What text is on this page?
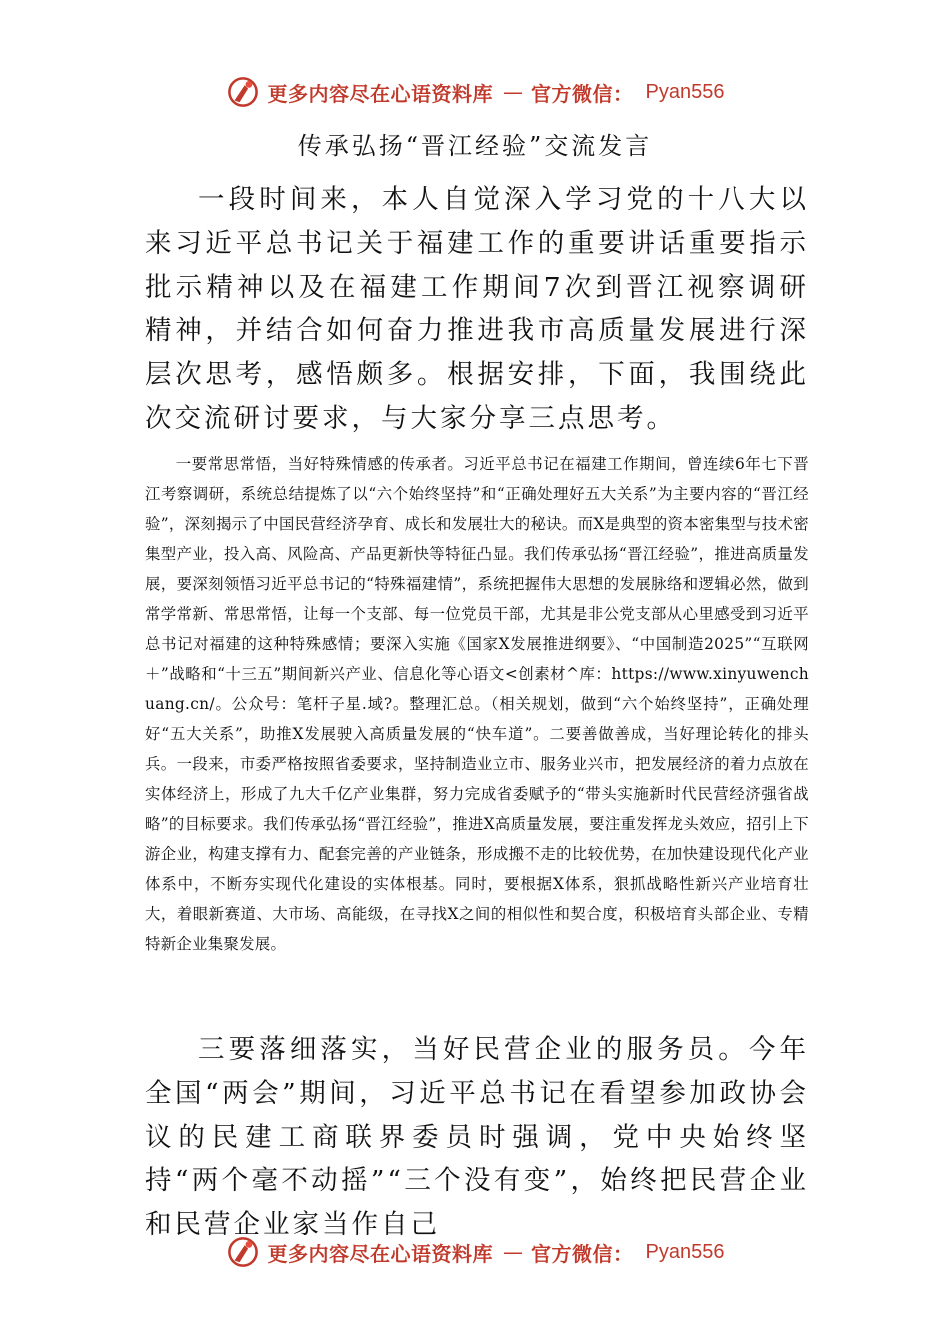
更多内容尽在心语资料库 — 官方微信： Pyan556
传承弘扬“晋江经验”交流发言

一段时间来，本人自觉深入学习党的十八大以来习近平总书记关于福建工作的重要讲话重要指示批示精神以及在福建工作期间7次到晋江视察调研精神，并结合如何奋力推进我市高质量发展进行深层次思考，感悟颇多。根据安排，下面，我围绕此次交流研讨要求，与大家分享三点思考。

一要常思常悟，当好特殊情感的传承者。习近平总书记在福建工作期间，曾连续6年七下晋江考察调研，系统总结提炼了以“六个始终坚持”和“正确处理好五大关系”为主要内容的“晋江经验”，深刻揭示了中国民营经济孕育、成长和发展壮大的秘诀。而X是典型的资本密集型与技术密集型产业，投入高、风险高、产品更新快等特征凸显。我们传承弘扬“晋江经验”，推进高质量发展，要深刻领悟习近平总书记的“特殊福建情”，系统把握伟大思想的发展脉络和逻辑必然，做到常学常新、常思常悟，让每一个支部、每一位党员干部，尤其是非公党支部从心里感受到习近平总书记对福建的这种特殊感情；要深入实施《国家X发展推进纲要》、“中国制造2025”“互联网＋”战略和“十三五”期间新兴产业、信息化等心语文<创素材^库：https://www.xinyuwenchuang.cn/。公众号：笔杆子星.域?。整理汇总。（相关规划，做到“六个始终坚持”，正确处理好“五大关系”，助推X发展驶入高质量发展的“快车道”。二要善做善成，当好理论转化的排头兵。一段来，市委严格按照省委要求，坚持制造业立市、服务业兴市，把发展经济的着力点放在实体经济上，形成了九大千亿产业集群，努力完成省委赋予的“带头实施新时代民营经济强省战略”的目标要求。我们传承弘扬“晋江经验”，推进X高质量发展，要注重发挥龙头效应，招引上下游企业，构建支撑有力、配套完善的产业链条，形成搬不走的比较优势，在加快建设现代化产业体系中，不断夯实现代化建设的实体根基。同时，要根据X体系，狠抓战略性新兴产业培育壮大，着眼新赛道、大市场、高能级，在寻找X之间的相似性和契合度，积极培育头部企业、专精特新企业集聚发展。

三要落细落实，当好民营企业的服务员。今年全国“两会”期间，习近平总书记在看望参加政协会议的民建工商联界委员时强调，党中央始终坚持“两个毫不动摇”“三个没有变”，始终把民营企业和民营企业家当作自己

更多内容尽在心语资料库 — 官方微信： Pyan556
